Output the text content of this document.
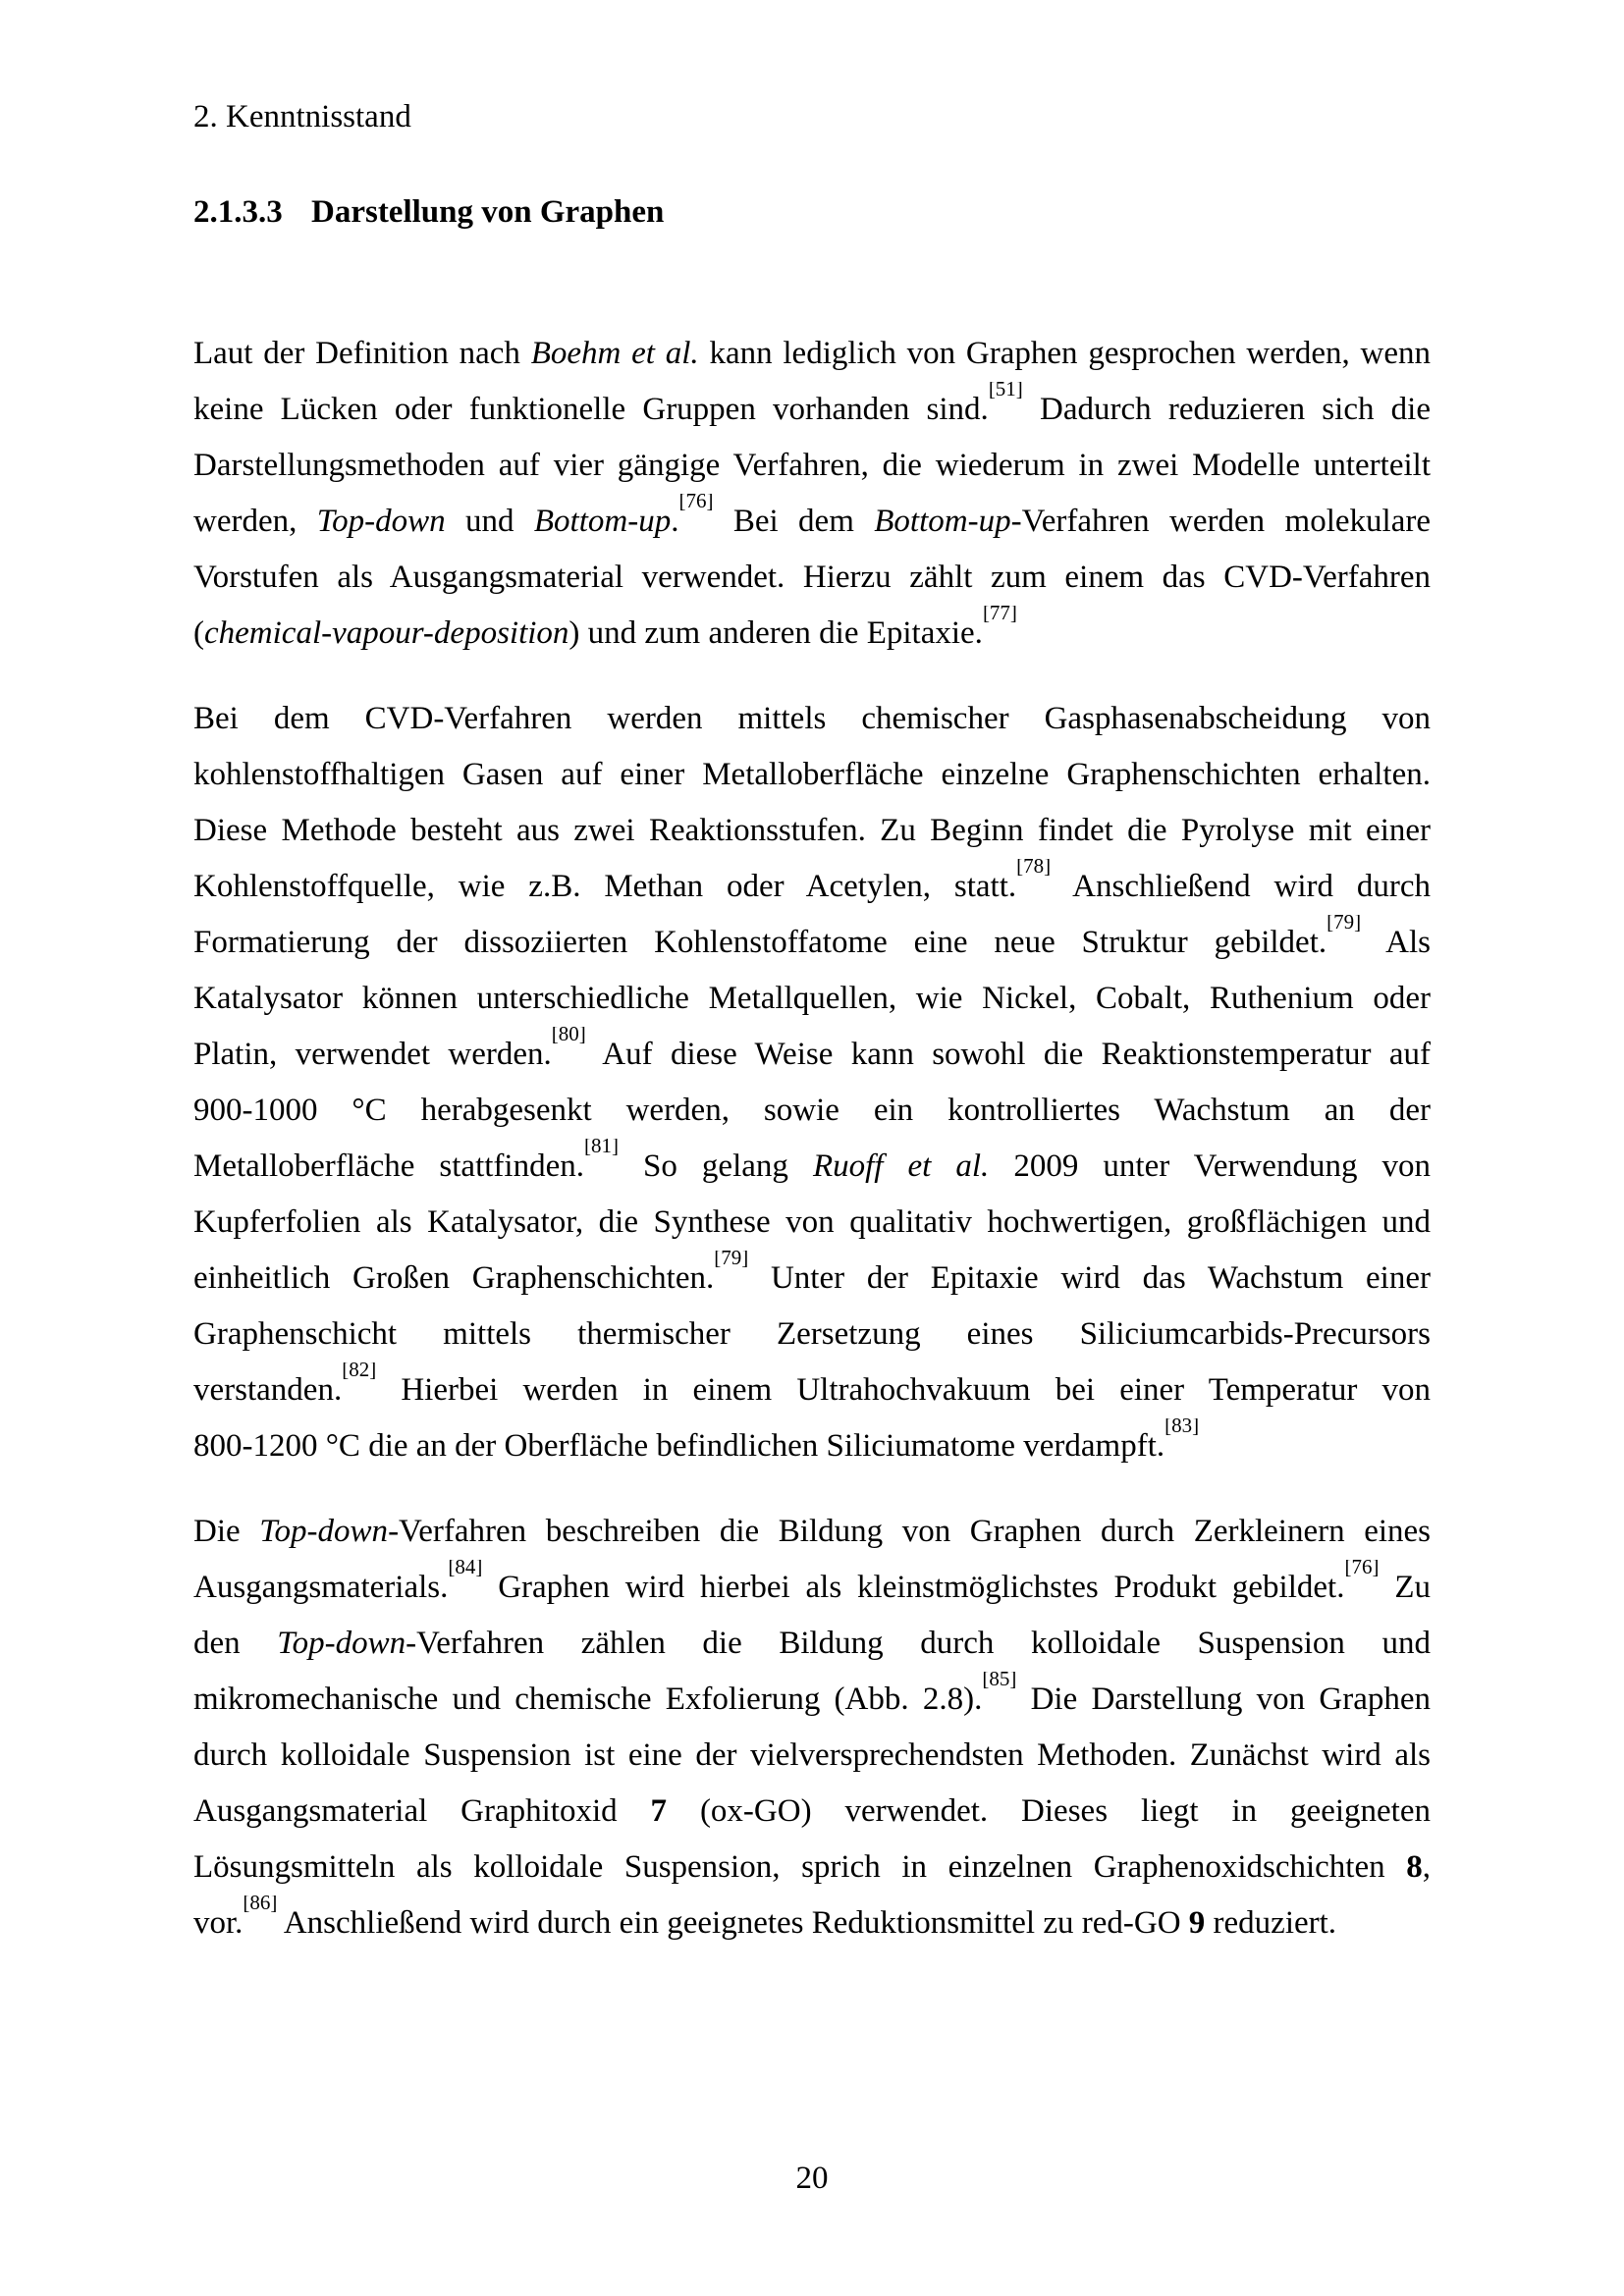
2. Kenntnisstand
2.1.3.3 Darstellung von Graphen
Laut der Definition nach Boehm et al. kann lediglich von Graphen gesprochen werden, wenn
keine Lücken oder funktionelle Gruppen vorhanden sind.[51] Dadurch reduzieren sich die
Darstellungsmethoden auf vier gängige Verfahren, die wiederum in zwei Modelle unterteilt
werden, Top-down und Bottom-up.[76] Bei dem Bottom-up-Verfahren werden molekulare
Vorstufen als Ausgangsmaterial verwendet. Hierzu zählt zum einem das CVD-Verfahren
(chemical-vapour-deposition) und zum anderen die Epitaxie.[77]
Bei dem CVD-Verfahren werden mittels chemischer Gasphasenabscheidung von
kohlenstoffhaltigen Gasen auf einer Metalloberfläche einzelne Graphenschichten erhalten.
Diese Methode besteht aus zwei Reaktionsstufen. Zu Beginn findet die Pyrolyse mit einer
Kohlenstoffquelle, wie z.B. Methan oder Acetylen, statt.[78] Anschließend wird durch
Formatierung der dissoziierten Kohlenstoffatome eine neue Struktur gebildet.[79] Als
Katalysator können unterschiedliche Metallquellen, wie Nickel, Cobalt, Ruthenium oder
Platin, verwendet werden.[80] Auf diese Weise kann sowohl die Reaktionstemperatur auf
900-1000 °C herabgesenkt werden, sowie ein kontrolliertes Wachstum an der
Metalloberfläche stattfinden.[81] So gelang Ruoff et al. 2009 unter Verwendung von
Kupferfolien als Katalysator, die Synthese von qualitativ hochwertigen, großflächigen und
einheitlich Großen Graphenschichten.[79] Unter der Epitaxie wird das Wachstum einer
Graphenschicht mittels thermischer Zersetzung eines Siliciumcarbids-Precursors
verstanden.[82] Hierbei werden in einem Ultrahochvakuum bei einer Temperatur von
800-1200 °C die an der Oberfläche befindlichen Siliciumatome verdampft.[83]
Die Top-down-Verfahren beschreiben die Bildung von Graphen durch Zerkleinern eines
Ausgangsmaterials.[84] Graphen wird hierbei als kleinstmöglichstes Produkt gebildet.[76] Zu
den Top-down-Verfahren zählen die Bildung durch kolloidale Suspension und
mikromechanische und chemische Exfolierung (Abb. 2.8).[85] Die Darstellung von Graphen
durch kolloidale Suspension ist eine der vielversprechendsten Methoden. Zunächst wird als
Ausgangsmaterial Graphitoxid 7 (ox-GO) verwendet. Dieses liegt in geeigneten
Lösungsmitteln als kolloidale Suspension, sprich in einzelnen Graphenoxidschichten 8,
vor.[86] Anschließend wird durch ein geeignetes Reduktionsmittel zu red-GO 9 reduziert.
20
